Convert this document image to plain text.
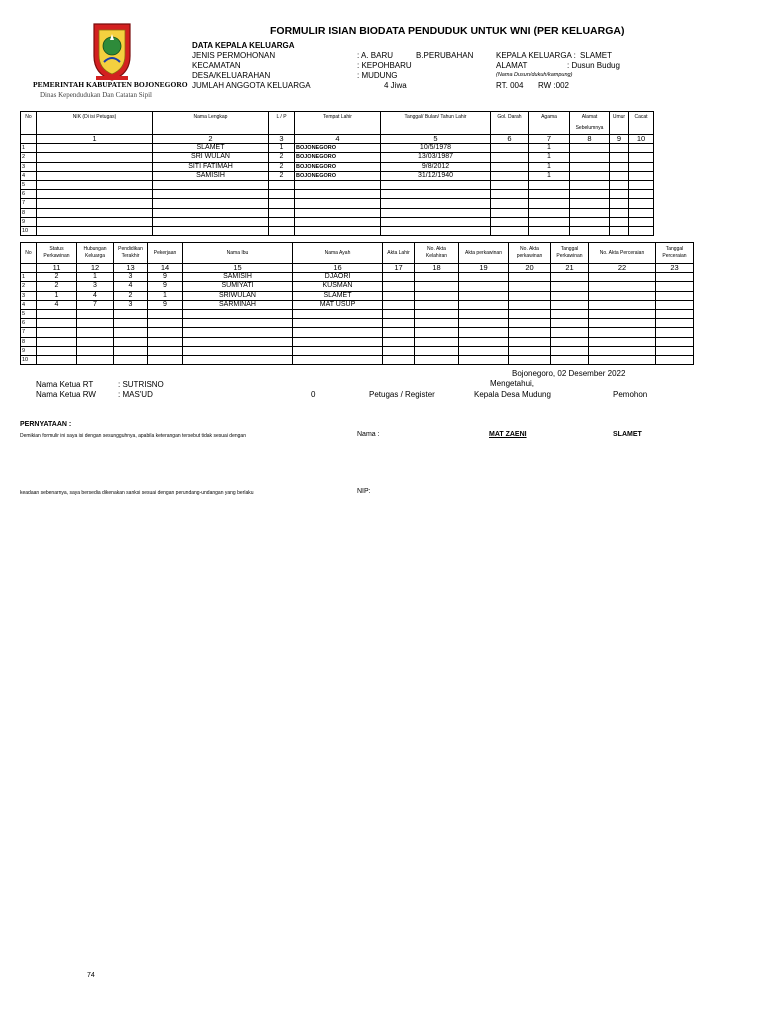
PEMERINTAH KABUPATEN BOJONEGORO
Dinas Kependudukan Dan Catatan Sipil
FORMULIR ISIAN BIODATA PENDUDUK UNTUK WNI (PER KELUARGA)
DATA KEPALA KELUARGA
JENIS PERMOHONAN	: A. BARU	B.PERUBAHAN	KEPALA KELUARGA : SLAMET
KECAMATAN	: KEPOHBARU	ALAMAT	: Dusun Budug
DESA/KELUARAHAN	: MUDUNG	(Nama Dusun/dukuh/kampung)
JUMLAH ANGGOTA KELUARGA	4 Jiwa	RT. 004 RW :002
No	NIK (Di isi Petugas)	Nama Lengkap	L / P	Tempat Lahir	Tanggal/ Bulan/ Tahun Lahir	Gol. Darah	Agama	Alamat Sebelumnya	Umur	Cacat
	1	2	3	4	5	6	7	8	9	10
1		SLAMET	1	BOJONEGORO	10/5/1978		1			
2		SRI WULAN	2	BOJONEGORO	13/03/1987		1			
3		SITI FATIMAH	2	BOJONEGORO	9/8/2012		1			
4		SAMISIH	2	BOJONEGORO	31/12/1940		1			
5										
6										
7										
8										
9										
10										
No	Status Perkawinan	Hubungan Keluarga	Pendidikan Terakhir	Pekerjaan	Nama Ibu	Nama Ayah	Akta Lahir	No. Akta Kelahiran	Akta perkawinan	No. Akta perkawinan	Tanggal Perkawinan	No. Akta Perceraian	Tanggal Perceraian
	11	12	13	14	15	16	17	18	19	20	21	22	23
1	2	1	3	9	SAMISIH	DJAORI							
2	2	3	4	9	SUMIYATI	KUSMAN							
3	1	4	2	1	SRIWULAN	SLAMET							
4	4	7	3	9	SARMINAH	MAT USUP							
5													
6													
7													
8													
9													
10													
Bojonegoro, 02 Desember 2022
Mengetahui,
Nama Ketua RT	: SUTRISNO
Nama Ketua RW	: MAS'UD	0	Petugas / Register	Kepala Desa Mudung	Pemohon
PERNYATAAN :
Demikian formulir ini saya isi dengan sesungguhnya, apabila keterangan tersebut tidak sesuai dengan	Nama :	MAT ZAENI	SLAMET
keadaan sebenarnya, saya bersedia dikenakan sanksi sesuai dengan perundang-undangan yang berlaku	NIP:
74
